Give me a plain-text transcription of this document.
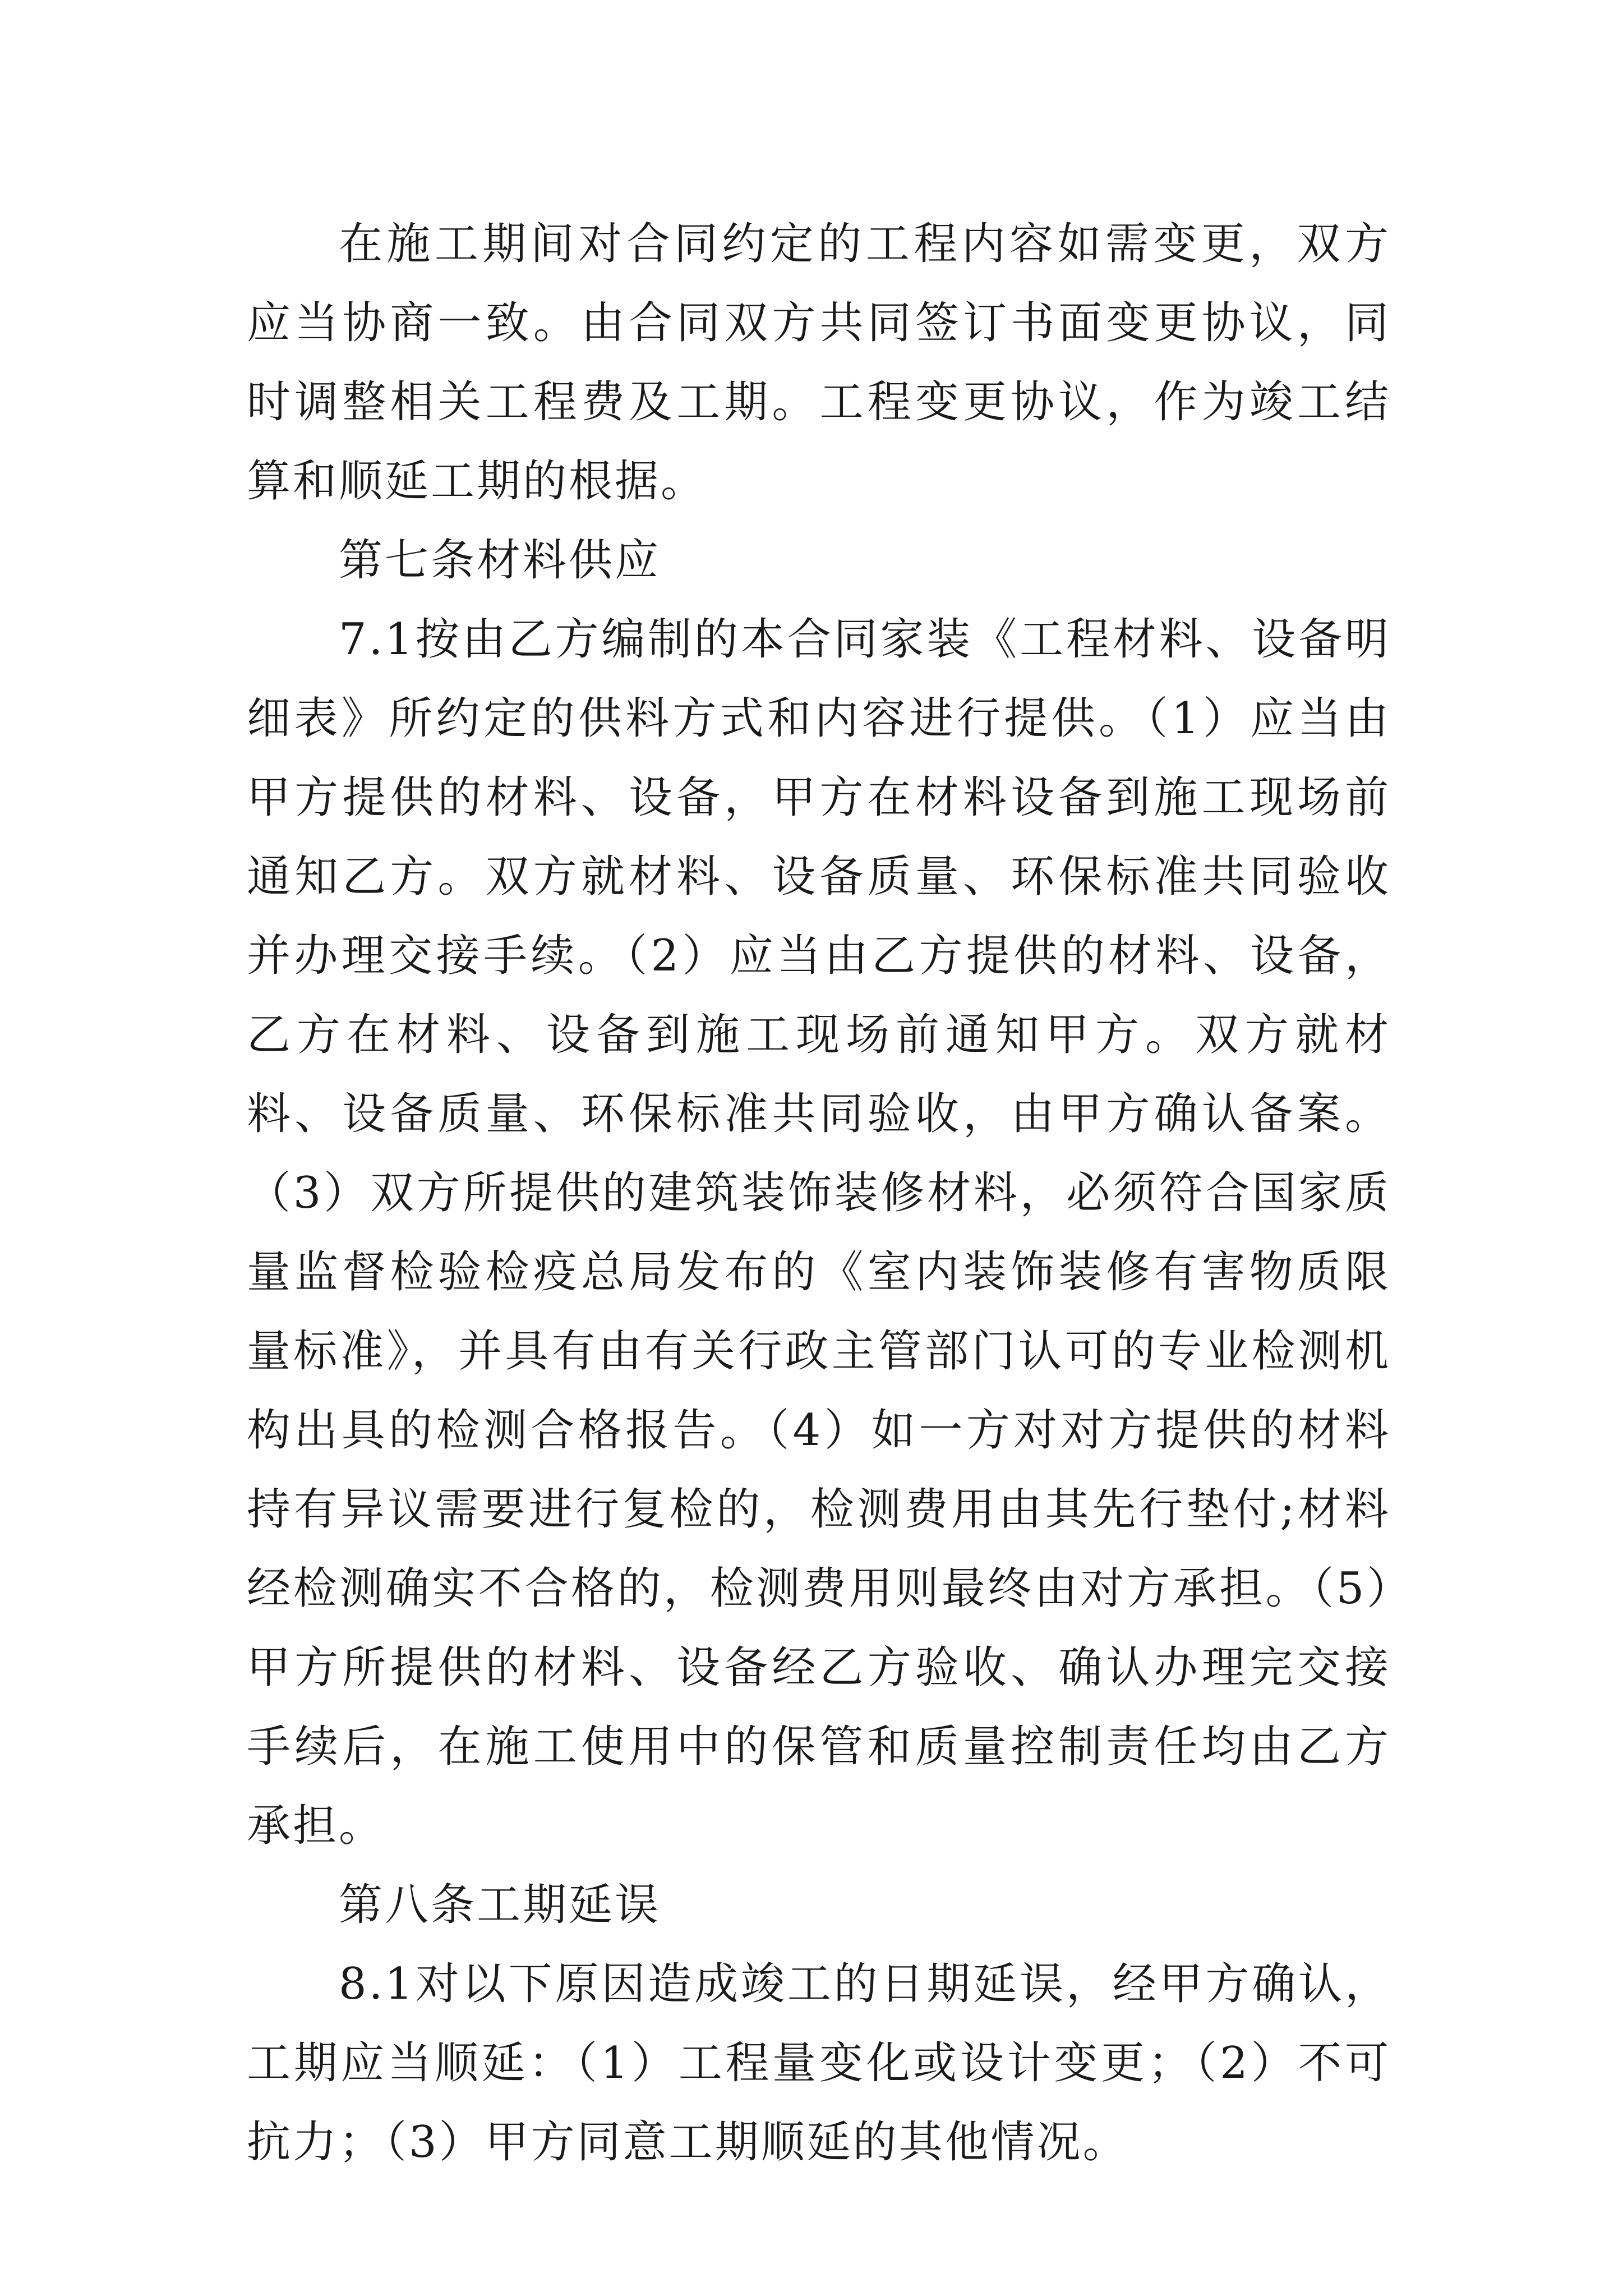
在施工期间对合同约定的工程内容如需变更，双方应当协商一致。由合同双方共同签订书面变更协议，同时调整相关工程费及工期。工程变更协议，作为竣工结算和顺延工期的根据。

第七条材料供应

7.1按由乙方编制的本合同家装《工程材料、设备明细表》所约定的供料方式和内容进行提供。（1）应当由甲方提供的材料、设备，甲方在材料设备到施工现场前通知乙方。双方就材料、设备质量、环保标准共同验收并办理交接手续。（2）应当由乙方提供的材料、设备，乙方在材料、设备到施工现场前通知甲方。双方就材料、设备质量、环保标准共同验收，由甲方确认备案。（3）双方所提供的建筑装饰装修材料，必须符合国家质量监督检验检疫总局发布的《室内装饰装修有害物质限量标准》，并具有由有关行政主管部门认可的专业检测机构出具的检测合格报告。（4）如一方对对方提供的材料持有异议需要进行复检的，检测费用由其先行垫付;材料经检测确实不合格的，检测费用则最终由对方承担。（5）甲方所提供的材料、设备经乙方验收、确认办理完交接手续后，在施工使用中的保管和质量控制责任均由乙方承担。

第八条工期延误

8.1对以下原因造成竣工的日期延误，经甲方确认，工期应当顺延：（1）工程量变化或设计变更；（2）不可抗力；（3）甲方同意工期顺延的其他情况。
